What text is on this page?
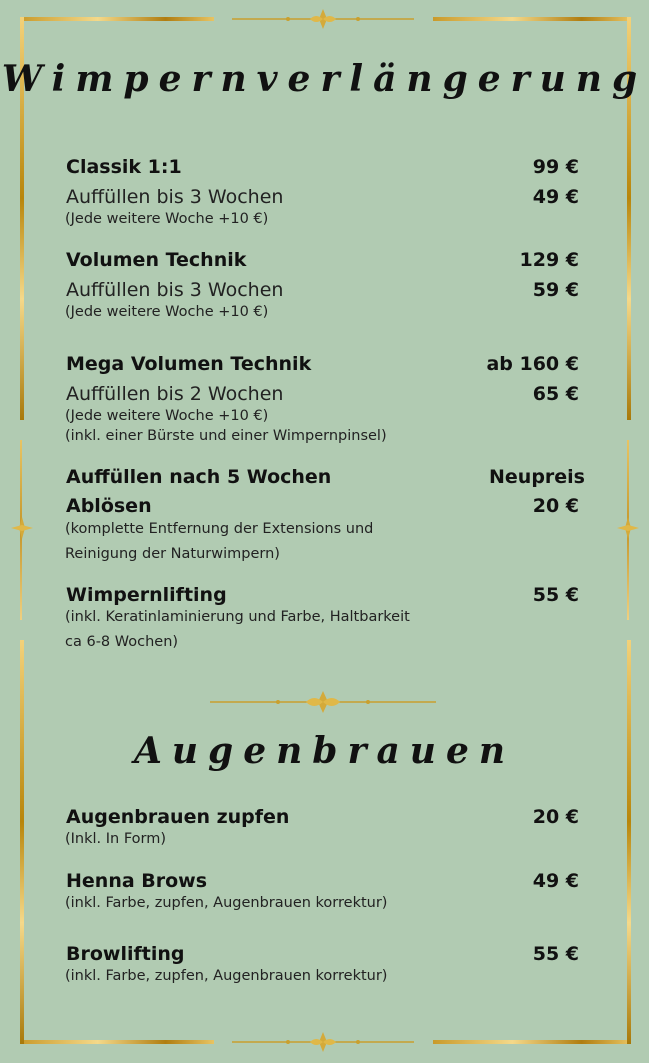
Wimpernverlängerung
Classik 1:1	99 €
Auffüllen bis 3 Wochen	49 €
(Jede weitere Woche +10 €)
Volumen Technik	129 €
Auffüllen bis 3 Wochen	59 €
(Jede weitere Woche +10 €)
Mega Volumen Technik	ab 160 €
Auffüllen bis 2 Wochen	65 €
(Jede weitere Woche +10 €)
(inkl. einer Bürste und einer Wimpernpinsel)
Auffüllen nach 5 Wochen	Neupreis
Ablösen	20 €
(komplette Entfernung der Extensions und
Reinigung der Naturwimpern)
Wimpernlifting	55 €
(inkl. Keratinlaminierung und Farbe, Haltbarkeit
ca 6-8 Wochen)
Augenbrauen
Augenbrauen zupfen	20 €
(Inkl. In Form)
Henna Brows	49 €
(inkl. Farbe, zupfen, Augenbrauen korrektur)
Browlifting	55 €
(inkl. Farbe, zupfen, Augenbrauen korrektur)
